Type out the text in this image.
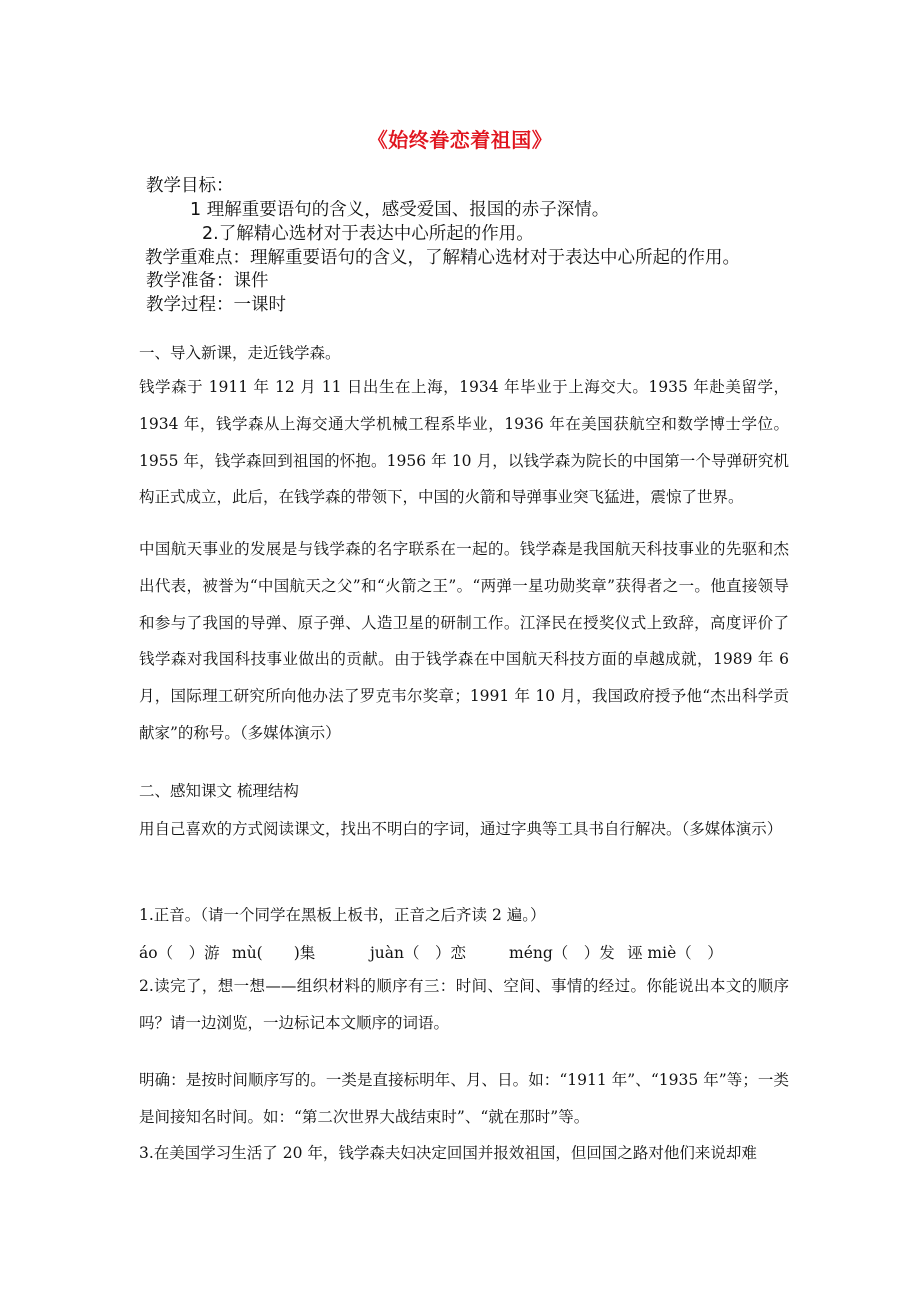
《始终眷恋着祖国》
教学目标：
1 理解重要语句的含义，感受爱国、报国的赤子深情。
2.了解精心选材对于表达中心所起的作用。
教学重难点：理解重要语句的含义，了解精心选材对于表达中心所起的作用。
教学准备：课件
教学过程：一课时
一、导入新课，走近钱学森。
钱学森于 1911 年 12 月 11 日出生在上海，1934 年毕业于上海交大。1935 年赴美留学，1934 年，钱学森从上海交通大学机械工程系毕业，1936 年在美国获航空和数学博士学位。1955 年，钱学森回到祖国的怀抱。1956 年 10 月，以钱学森为院长的中国第一个导弹研究机构正式成立，此后，在钱学森的带领下，中国的火箭和导弹事业突飞猛进，震惊了世界。
中国航天事业的发展是与钱学森的名字联系在一起的。钱学森是我国航天科技事业的先驱和杰出代表，被誉为“中国航天之父”和“火箭之王”。“两弹一星功勋奖章”获得者之一。他直接领导和参与了我国的导弹、原子弹、人造卫星的研制工作。江泽民在授奖仪式上致辞，高度评价了钱学森对我国科技事业做出的贡献。由于钱学森在中国航天科技方面的卓越成就，1989 年 6 月，国际理工研究所向他办法了罗克韦尔奖章；1991 年 10 月，我国政府授予他“杰出科学贡献家”的称号。（多媒体演示）
二、感知课文 梳理结构
用自己喜欢的方式阅读课文，找出不明白的字词，通过字典等工具书自行解决。（多媒体演示）
1.正音。（请一个同学在黑板上板书，正音之后齐读 2 遍。）
áo（　）游 mù(　　)集	juàn（　）恋	méng（　）发 诬 miè（　）
2.读完了，想一想——组织材料的顺序有三：时间、空间、事情的经过。你能说出本文的顺序吗？请一边浏览，一边标记本文顺序的词语。
明确：是按时间顺序写的。一类是直接标明年、月、日。如：“1911 年”、“1935 年”等；一类是间接知名时间。如：“第二次世界大战结束时”、“就在那时”等。
3.在美国学习生活了 20 年，钱学森夫妇决定回国并报效祖国，但回国之路对他们来说却难
